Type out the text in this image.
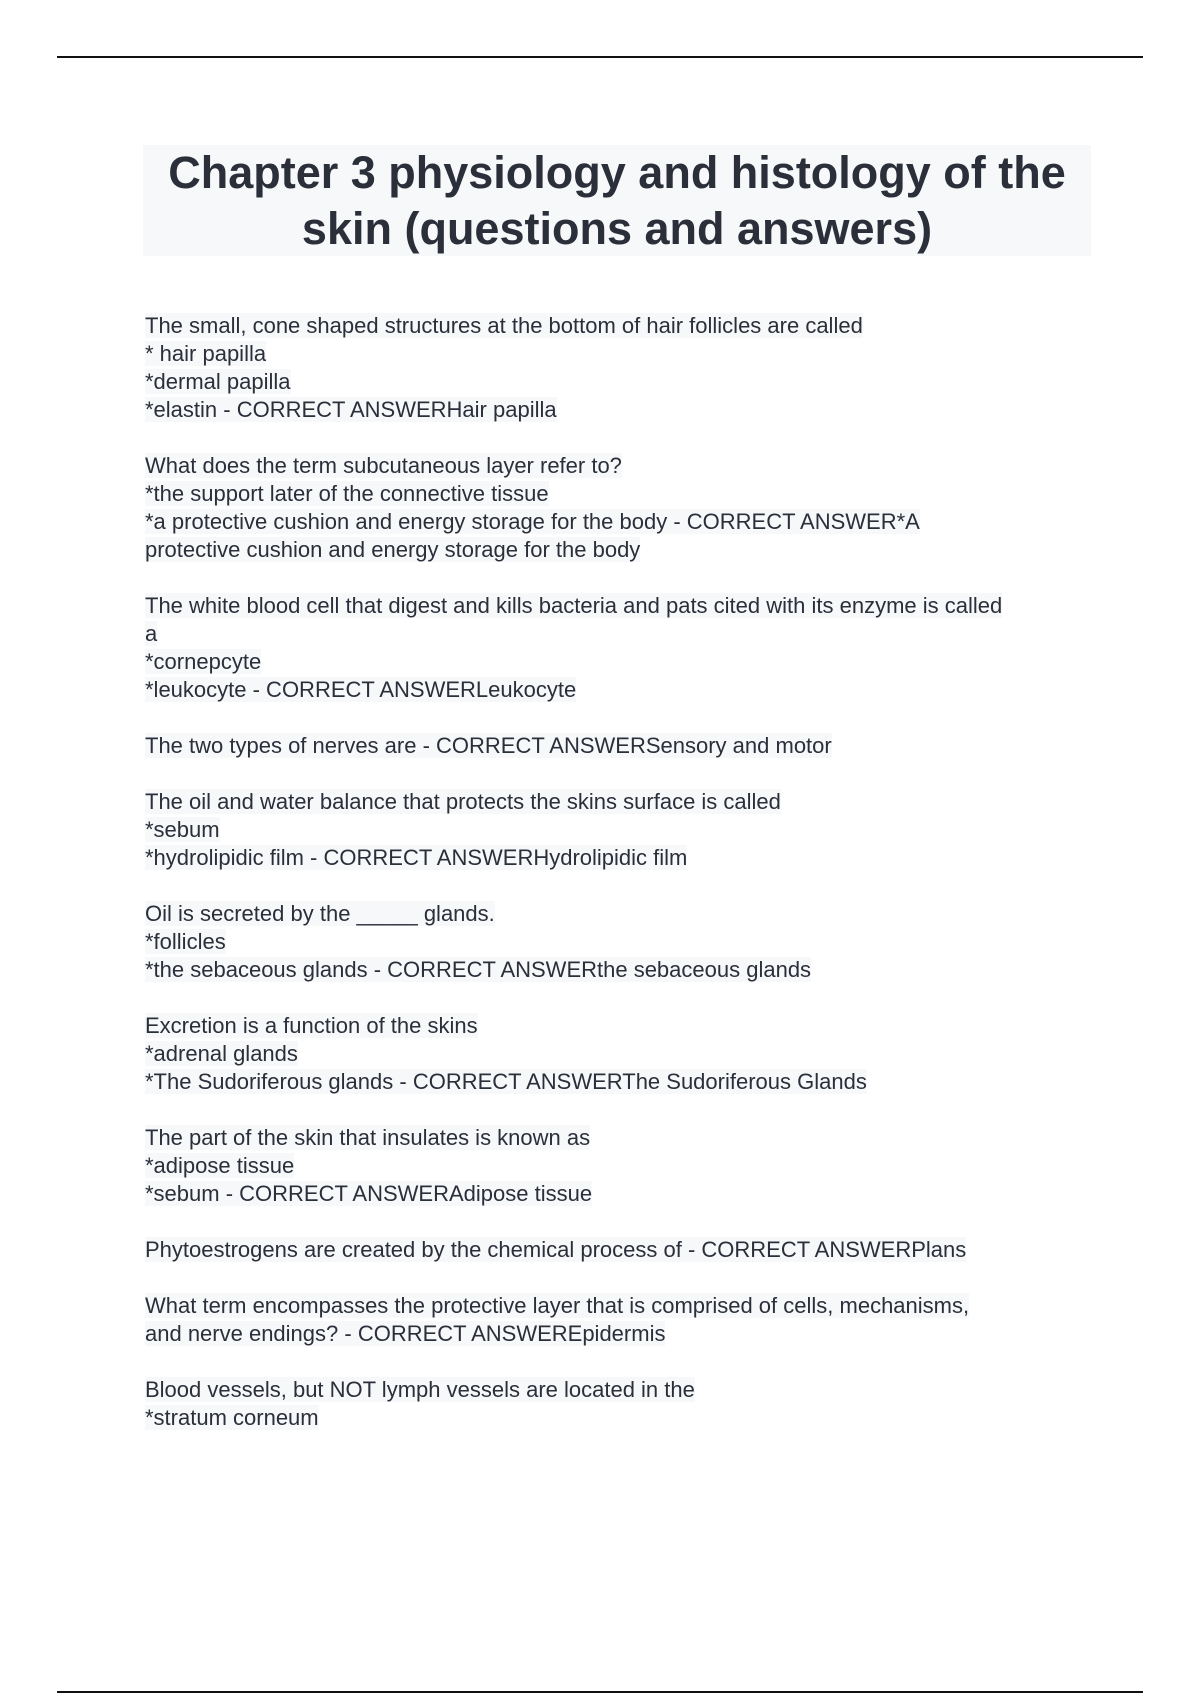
Chapter 3 physiology and histology of the skin (questions and answers)
The small, cone shaped structures at the bottom of hair follicles are called
* hair papilla
*dermal papilla
*elastin - CORRECT ANSWERHair papilla
What does the term subcutaneous layer refer to?
*the support later of the connective tissue
*a protective cushion and energy storage for the body - CORRECT ANSWER*A
protective cushion and energy storage for the body
The white blood cell that digest and kills bacteria and pats cited with its enzyme is called
a
*cornepcyte
*leukocyte - CORRECT ANSWERLeukocyte
The two types of nerves are - CORRECT ANSWERSensory and motor
The oil and water balance that protects the skins surface is called
*sebum
*hydrolipidic film - CORRECT ANSWERHydrolipidic film
Oil is secreted by the _____ glands.
*follicles
*the sebaceous glands - CORRECT ANSWERthe sebaceous glands
Excretion is a function of the skins
*adrenal glands
*The Sudoriferous glands - CORRECT ANSWERThe Sudoriferous Glands
The part of the skin that insulates is known as
*adipose tissue
*sebum - CORRECT ANSWERAdipose tissue
Phytoestrogens are created by the chemical process of - CORRECT ANSWERPlans
What term encompasses the protective layer that is comprised of cells, mechanisms,
and nerve endings? - CORRECT ANSWEREpidermis
Blood vessels, but NOT lymph vessels are located in the
*stratum corneum
